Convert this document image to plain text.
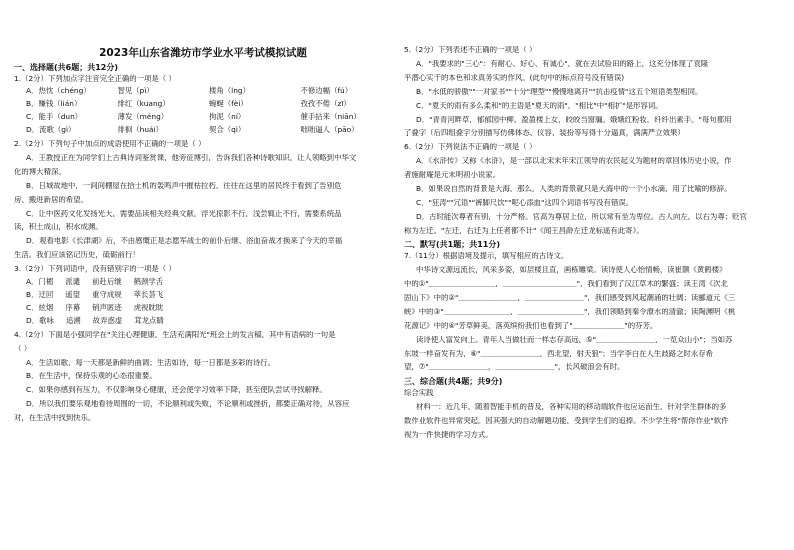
2023年山东省潍坊市学业水平考试模拟试题
一、选择题(共6题；共12分)
1.（2分）下列加点字注音完全正确的一项是（ ）
A．热忱（chéng）	智见（pì）	楼角（lng）	不修边幅（fú）
B．赚钱（lián）	绯红（kuang）	蜿蜒（fèi）	孜孜不倦（zī）
C．能手（dun）	薄发（méng）	拘泥（ní）	催手拈来（niān）
D．流歌（gì）	徘徊（huái）	契合（qì）	咄咄逼人（pāo）
2.（2分）下列句子中加点的成语使用不正确的一项是（ ）
A．王教授正在为同学们上古典诗词鉴赏课，他旁征博引，告诉我们各种诗歌知识，让人领略到中华文
化的博大精深。
B．日城故地中，一间间棚屋在拾土机的轰鸣声中摧枯拉朽，往往在这里的居民终于看到了告别危
房、搬进新居的希望。
C．让中医药文化发扬光大，需要品读相关经典文献，浮光掠影不行，浅尝辄止不行，需要系统品
读，积土成山，积水成渊。
D．观看电影《长津湖》后，不由感慨正是志愿军战士的前仆后继、浴血奋战才换来了今天的幸福
生活。我们应该铭记历史，砥砺前行！
3.（2分）下列词语中，没有错别字的一项是（ ）
A．门楣 派谴 前赴后继 鹤颈学舌
B．迂回 遥望 重守成规 萃长荟飞
C．炫烟 序幕 销声匿迹 虎视眈眈
D．歌咏 追溯 故弄惑虚 茸龙点睛
4.（2分）下面是小强同学在"关注心理健康，生活充满阳光"班会上的发言稿，其中有语病的一句是
（ ）
A．生活如歌，每一天都是新鲜的曲调；生活如诗，每一日都是多彩的诗行。
B．在生活中，保持乐观的心态很重要。
C．如果你感到有压力，不仅影响身心健康，还会使学习效率下降，甚至使队尝试寻找解释。
D．所以我们要乐观地看待周围的一切，不论顺利或失败，不论顺利或挫折，都要正确对待，从容应
对，在生活中找到快乐。
5.（2分）下列表述不正确的一项是（ ）
A．"我要求的"三心"：有耐心、好心、有诚心"，就在去试验田的路上，这充分体现了袁隆
平潜心实干的本色和求真务实的作风。(此句中的标点符号没有错误)
B．"水低的骄傲""一对家书""十分"理型""慢慢地离开""抗击疫情"这五个短语类型相同。
C．"夏天的雨有多么柔和"的主语是"夏天的雨"，"相比"中"相扩"是形容词。
D．"青青河畔草，郁郁园中柳。盈盈楼上女，皎皎当窗牖。娥娥红粉妆，纤纤出素手。"每句都用
了叠字（后四组叠字分别描写仿佛体态、仪容、装扮等写得十分逼真，满满严立效果）
6.（2分）下列说法不正确的一项是（ ）
A．《水浒传》又称《水浒》，是一部以北宋末年宋江领导的农民起义为题材的章回体历史小说，作
者施耐庵是元末明初小说家。
B．如果说自然的背景是大海，那么，人类的背景就只是大海中的一个小水滴，用了比喻的修辞。
C．"狂涛""冗语""裤脚尺饮""呢心添血"这四个词语书写没有错误。
D．古时能次尊者有别，十分严格。官高为尊居上位，所以常有坐为卑位。古人向左，以右为尊；贬官
称为左迁。"左迁，右迁为上任者都不计"《闻王昌龄左迁龙标遥有此寄》。
二、默写(共1题；共11分)
7.（11分）根据语境及提示，填写相应的古诗文。
中华诗文源远流长，风采多姿，如层楼且直，画栋雕梁。读诗使人心怡情畅，读崔颢《黄鹤楼》
中的①"＿＿＿＿＿＿＿＿＿，＿＿＿＿＿＿＿＿＿＿"，我们看到了汉江草木的繁盛；读王湾《次北
固山下》中的②"＿＿＿＿＿＿＿＿，＿＿＿＿＿＿＿＿"，我们感受到风起潮涌的壮阔；读郦道元《三
峡》中的③"＿＿＿＿＿＿＿＿＿，＿＿＿＿＿＿＿＿＿"，我们领略到秦令潦水的清澈；读陶渊明《桃
花源记》中的④"芳草鲜美，落英缤纷我们也看到了"＿＿＿＿＿＿＿"的芬芳。
读诗使人富发向上。青年人当做壮而一样志存高远，⑤"＿＿＿＿＿＿＿＿，一览众山小"；当如苏
东坡一样奋发有为，⑥"＿＿＿＿＿＿＿＿，西北望，射天狼"；当学李白在人生歧路之时永存希
望，⑦"＿＿＿＿＿＿＿＿，＿＿＿＿＿＿＿＿"，长风破浪会有时。
三、综合题(共4题；共9分)
综合实践
材料一：近几年，随着智能手机的普及，各种实用的移动端软件也应运而生，针对学生群体的多
数作业软件也异常突起。因其强大的自动解题功能，受到学生们的追捧。不少学生将"帮你作业"软件
视为一件快捷的学习方式。
